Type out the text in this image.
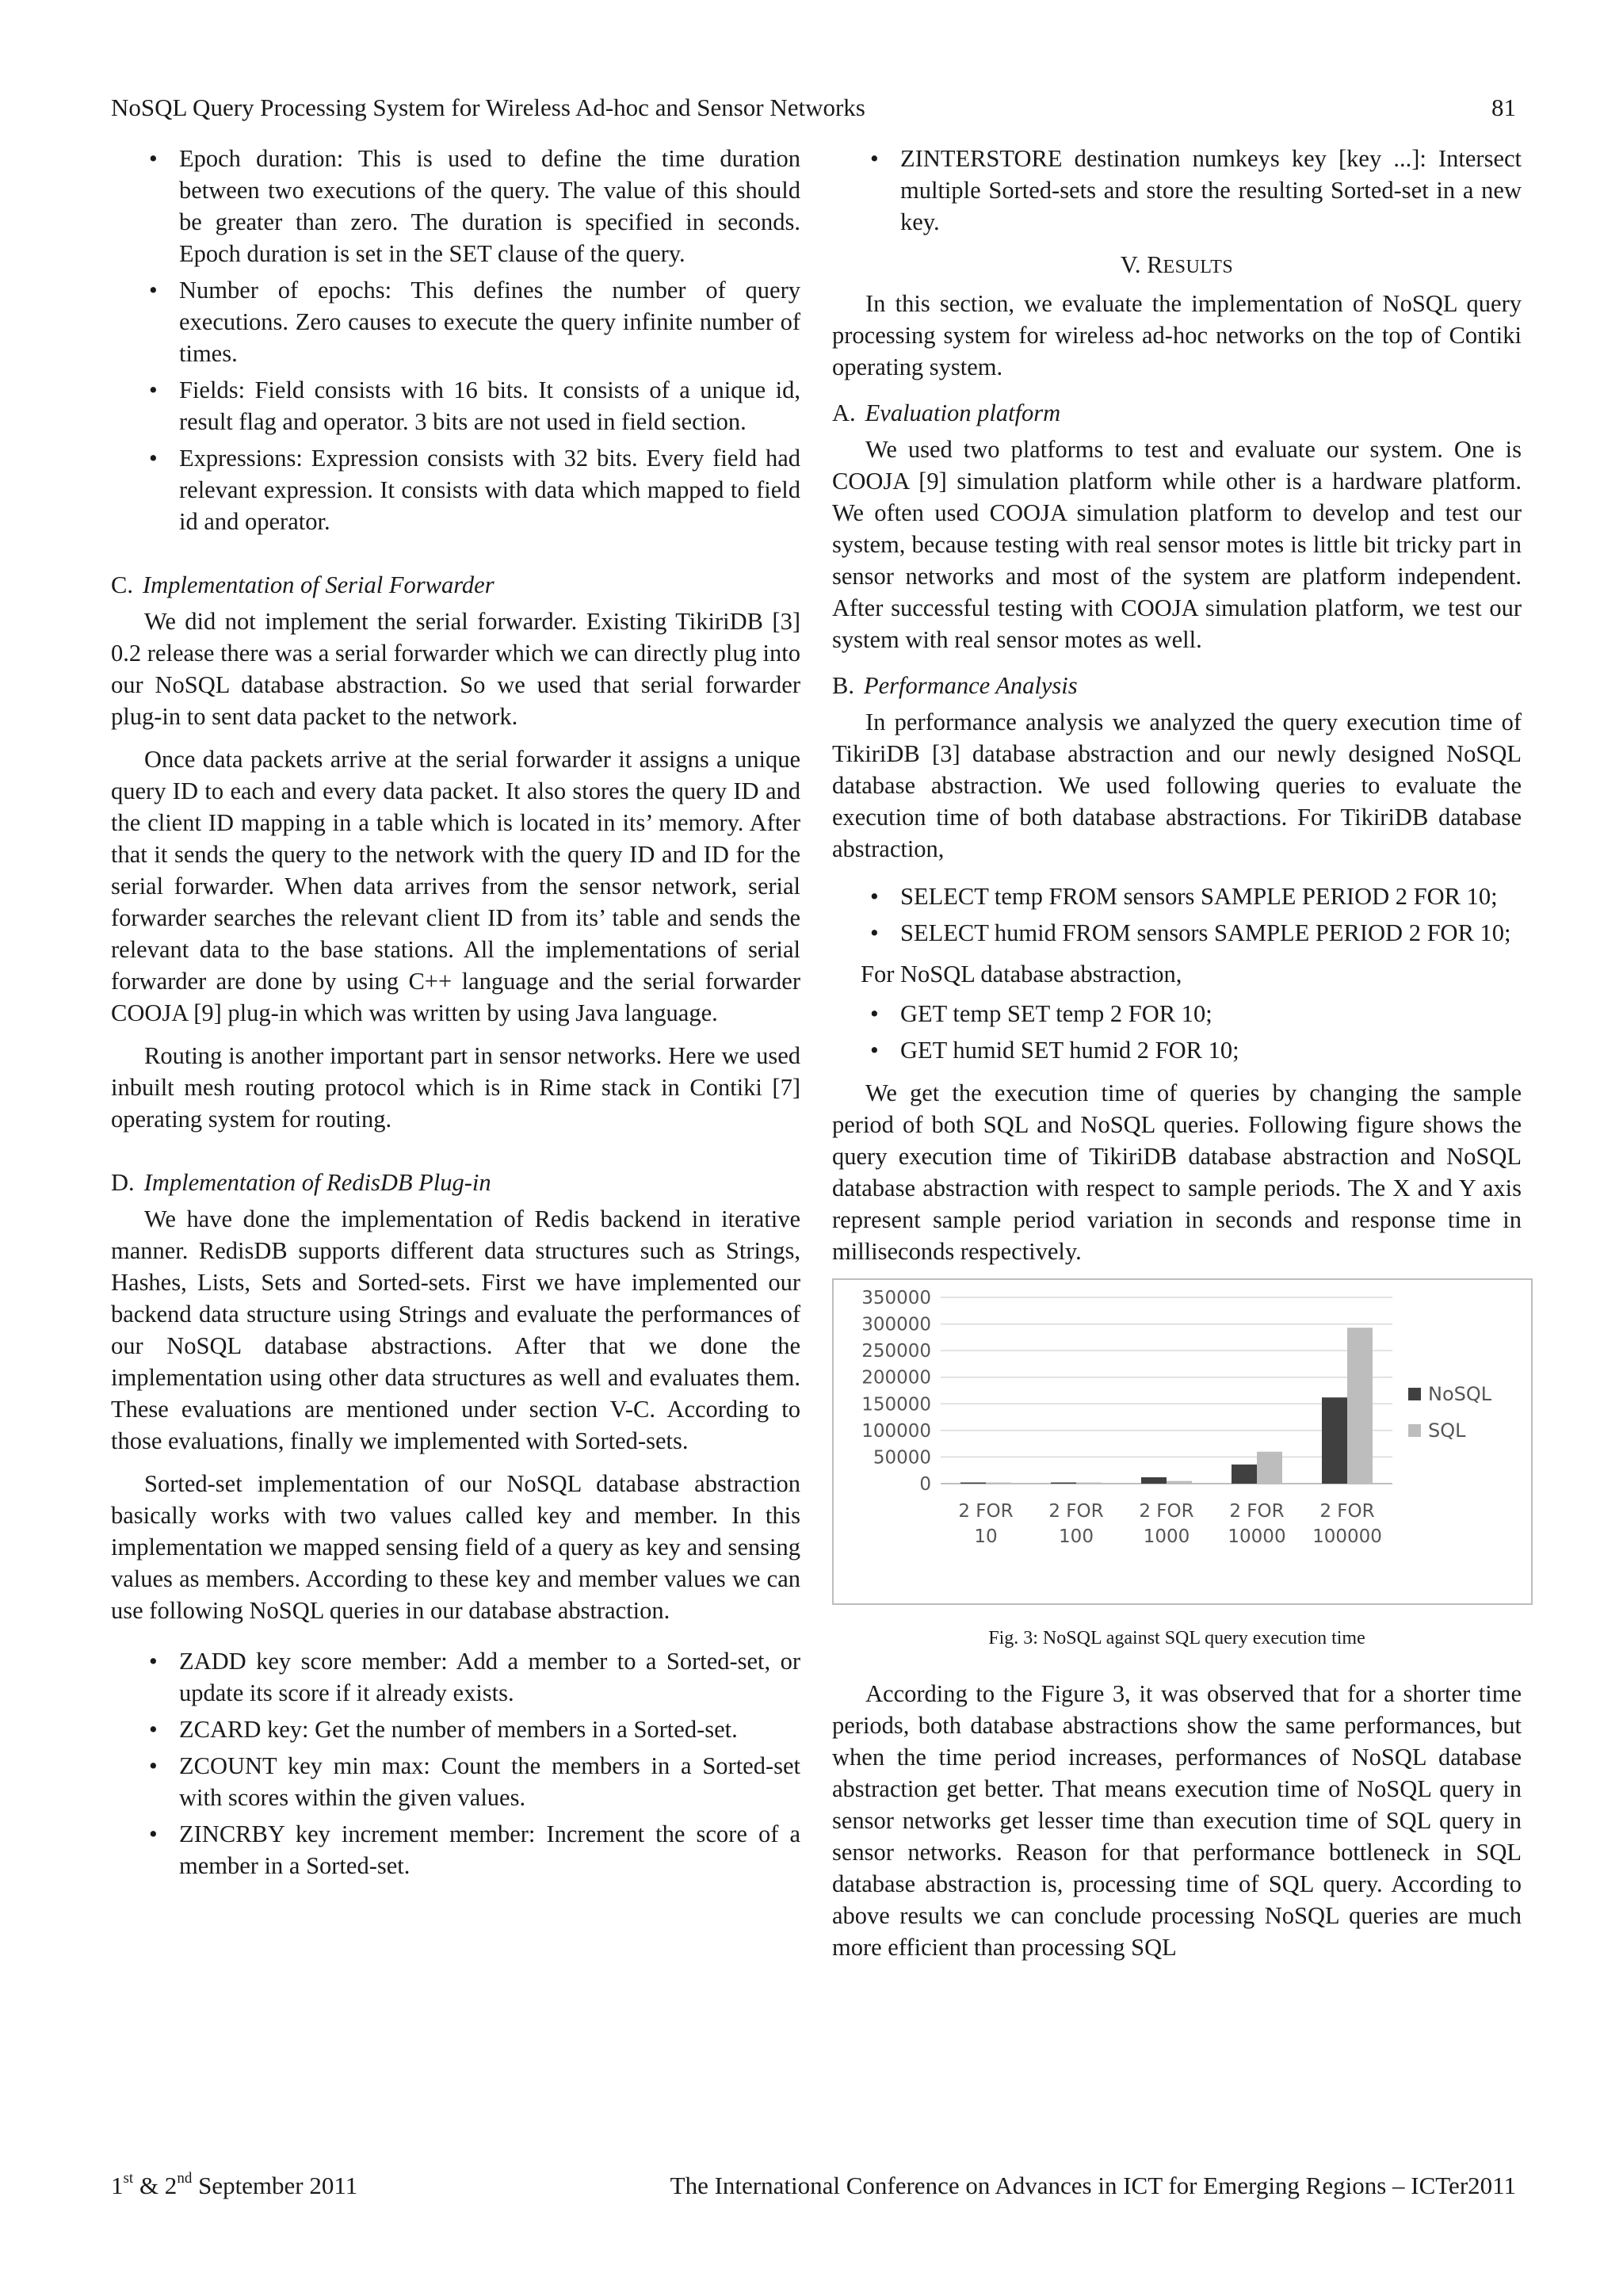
NoSQL Query Processing System for Wireless Ad-hoc and Sensor Networks	81
• Epoch duration: This is used to define the time duration between two executions of the query. The value of this should be greater than zero. The duration is specified in seconds. Epoch duration is set in the SET clause of the query.
• Number of epochs: This defines the number of query executions. Zero causes to execute the query infinite number of times.
• Fields: Field consists with 16 bits. It consists of a unique id, result flag and operator. 3 bits are not used in field section.
• Expressions: Expression consists with 32 bits. Every field had relevant expression. It consists with data which mapped to field id and operator.
C. Implementation of Serial Forwarder

We did not implement the serial forwarder. Existing TikiriDB [3] 0.2 release there was a serial forwarder which we can directly plug into our NoSQL database abstraction. So we used that serial forwarder plug-in to sent data packet to the network.

Once data packets arrive at the serial forwarder it assigns a unique query ID to each and every data packet. It also stores the query ID and the client ID mapping in a table which is located in its’ memory. After that it sends the query to the network with the query ID and ID for the serial forwarder. When data arrives from the sensor network, serial forwarder searches the relevant client ID from its’ table and sends the relevant data to the base stations. All the implementations of serial forwarder are done by using C++ language and the serial forwarder COOJA [9] plug-in which was written by using Java language.

Routing is another important part in sensor networks. Here we used inbuilt mesh routing protocol which is in Rime stack in Contiki [7] operating system for routing.

D. Implementation of RedisDB Plug-in

We have done the implementation of Redis backend in iterative manner. RedisDB supports different data structures such as Strings, Hashes, Lists, Sets and Sorted-sets. First we have implemented our backend data structure using Strings and evaluate the performances of our NoSQL database abstractions. After that we done the implementation using other data structures as well and evaluates them. These evaluations are mentioned under section V-C. According to those evaluations, finally we implemented with Sorted-sets.

Sorted-set implementation of our NoSQL database abstraction basically works with two values called key and member. In this implementation we mapped sensing field of a query as key and sensing values as members. According to these key and member values we can use following NoSQL queries in our database abstraction.

• ZADD key score member: Add a member to a Sorted-set, or update its score if it already exists.
• ZCARD key: Get the number of members in a Sorted-set.
• ZCOUNT key min max: Count the members in a Sorted-set with scores within the given values.
• ZINCRBY key increment member: Increment the score of a member in a Sorted-set.
• ZINTERSTORE destination numkeys key [key ...]: Intersect multiple Sorted-sets and store the resulting Sorted-set in a new key.
V. RESULTS

In this section, we evaluate the implementation of NoSQL query processing system for wireless ad-hoc networks on the top of Contiki operating system.

A. Evaluation platform

We used two platforms to test and evaluate our system. One is COOJA [9] simulation platform while other is a hardware platform. We often used COOJA simulation platform to develop and test our system, because testing with real sensor motes is little bit tricky part in sensor networks and most of the system are platform independent. After successful testing with COOJA simulation platform, we test our system with real sensor motes as well.

B. Performance Analysis

In performance analysis we analyzed the query execution time of TikiriDB [3] database abstraction and our newly designed NoSQL database abstraction. We used following queries to evaluate the execution time of both database abstractions. For TikiriDB database abstraction,

• SELECT temp FROM sensors SAMPLE PERIOD 2 FOR 10;
• SELECT humid FROM sensors SAMPLE PERIOD 2 FOR 10;
For NoSQL database abstraction,
• GET temp SET temp 2 FOR 10;
• GET humid SET humid 2 FOR 10;

We get the execution time of queries by changing the sample period of both SQL and NoSQL queries. Following figure shows the query execution time of TikiriDB database abstraction and NoSQL database abstraction with respect to sample periods. The X and Y axis represent sample period variation in seconds and response time in milliseconds respectively.

350000
300000
250000
200000
150000
100000
50000
0
2 FOR
10
2 FOR
100
2 FOR
1000
2 FOR
10000
2 FOR
100000
NoSQL
SQL
Fig. 3: NoSQL against SQL query execution time

According to the Figure 3, it was observed that for a shorter time periods, both database abstractions show the same performances, but when the time period increases, performances of NoSQL database abstraction get better. That means execution time of NoSQL query in sensor networks get lesser time than execution time of SQL query in sensor networks. Reason for that performance bottleneck in SQL database abstraction is, processing time of SQL query. According to above results we can conclude processing NoSQL queries are much more efficient than processing SQL

1st & 2nd September 2011	The International Conference on Advances in ICT for Emerging Regions – ICTer2011
